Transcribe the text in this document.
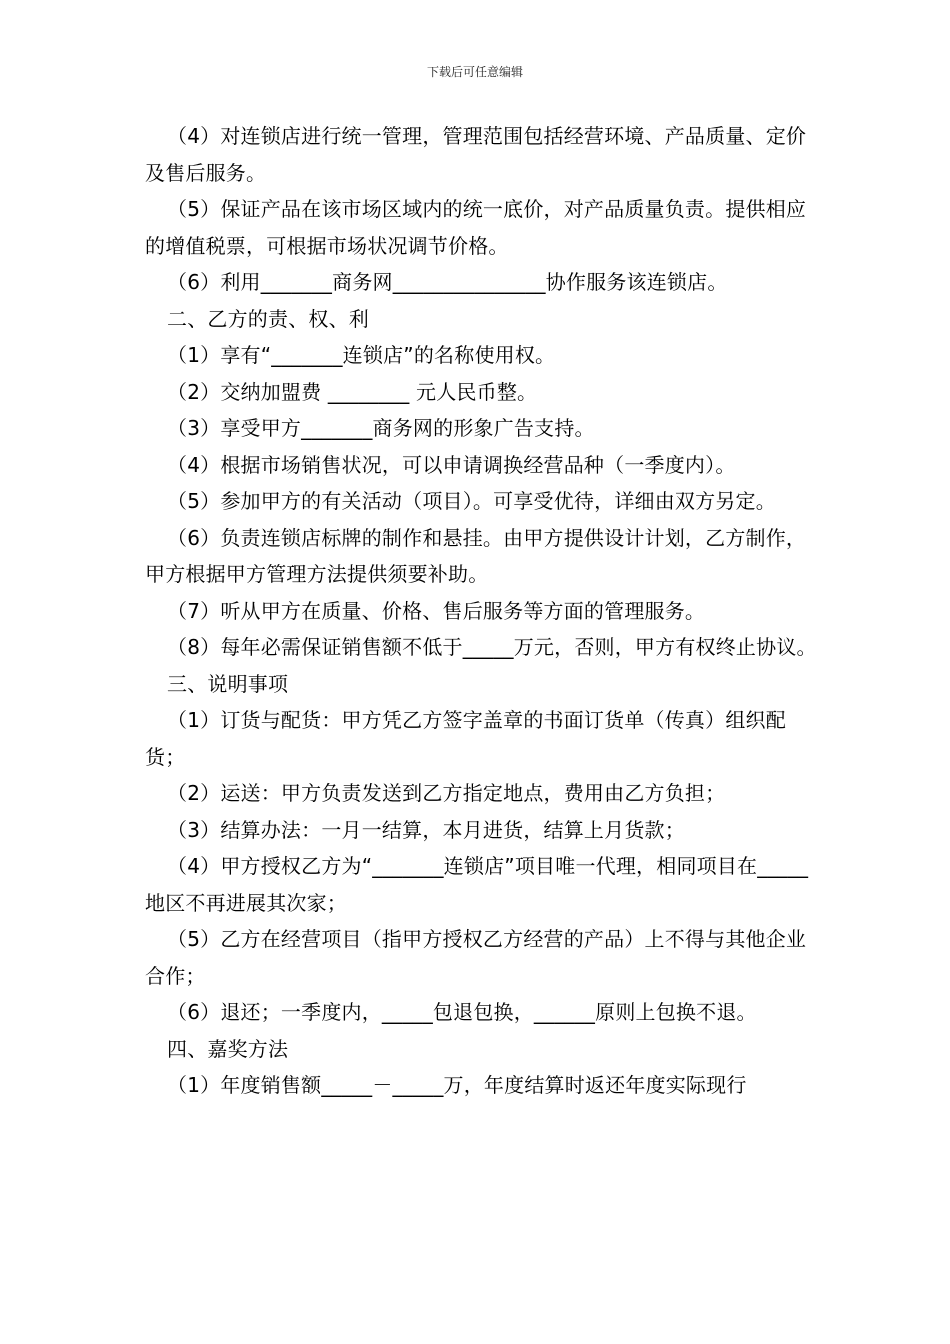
下载后可任意编辑

（4）对连锁店进行统一管理，管理范围包括经营环境、产品质量、定价及售后服务。

（5）保证产品在该市场区域内的统一底价，对产品质量负责。提供相应的增值税票，可根据市场状况调节价格。

（6）利用_______商务网_______________协作服务该连锁店。

二、乙方的责、权、利

（1）享有“_______连锁店”的名称使用权。

（2）交纳加盟费 ________ 元人民币整。

（3）享受甲方_______商务网的形象广告支持。

（4）根据市场销售状况，可以申请调换经营品种（一季度内）。

（5）参加甲方的有关活动（项目）。可享受优待，详细由双方另定。

（6）负责连锁店标牌的制作和悬挂。由甲方提供设计计划，乙方制作，甲方根据甲方管理方法提供须要补助。

（7）听从甲方在质量、价格、售后服务等方面的管理服务。

（8）每年必需保证销售额不低于_____万元，否则，甲方有权终止协议。

三、说明事项

（1）订货与配货：甲方凭乙方签字盖章的书面订货单（传真）组织配货；

（2）运送：甲方负责发送到乙方指定地点，费用由乙方负担；

（3）结算办法：一月一结算，本月进货，结算上月货款；

（4）甲方授权乙方为“_______连锁店”项目唯一代理，相同项目在_____地区不再进展其次家；

（5）乙方在经营项目（指甲方授权乙方经营的产品）上不得与其他企业合作；

（6）退还；一季度内，_____包退包换，______原则上包换不退。

四、嘉奖方法

（1）年度销售额_____－_____万，年度结算时返还年度实际现行
